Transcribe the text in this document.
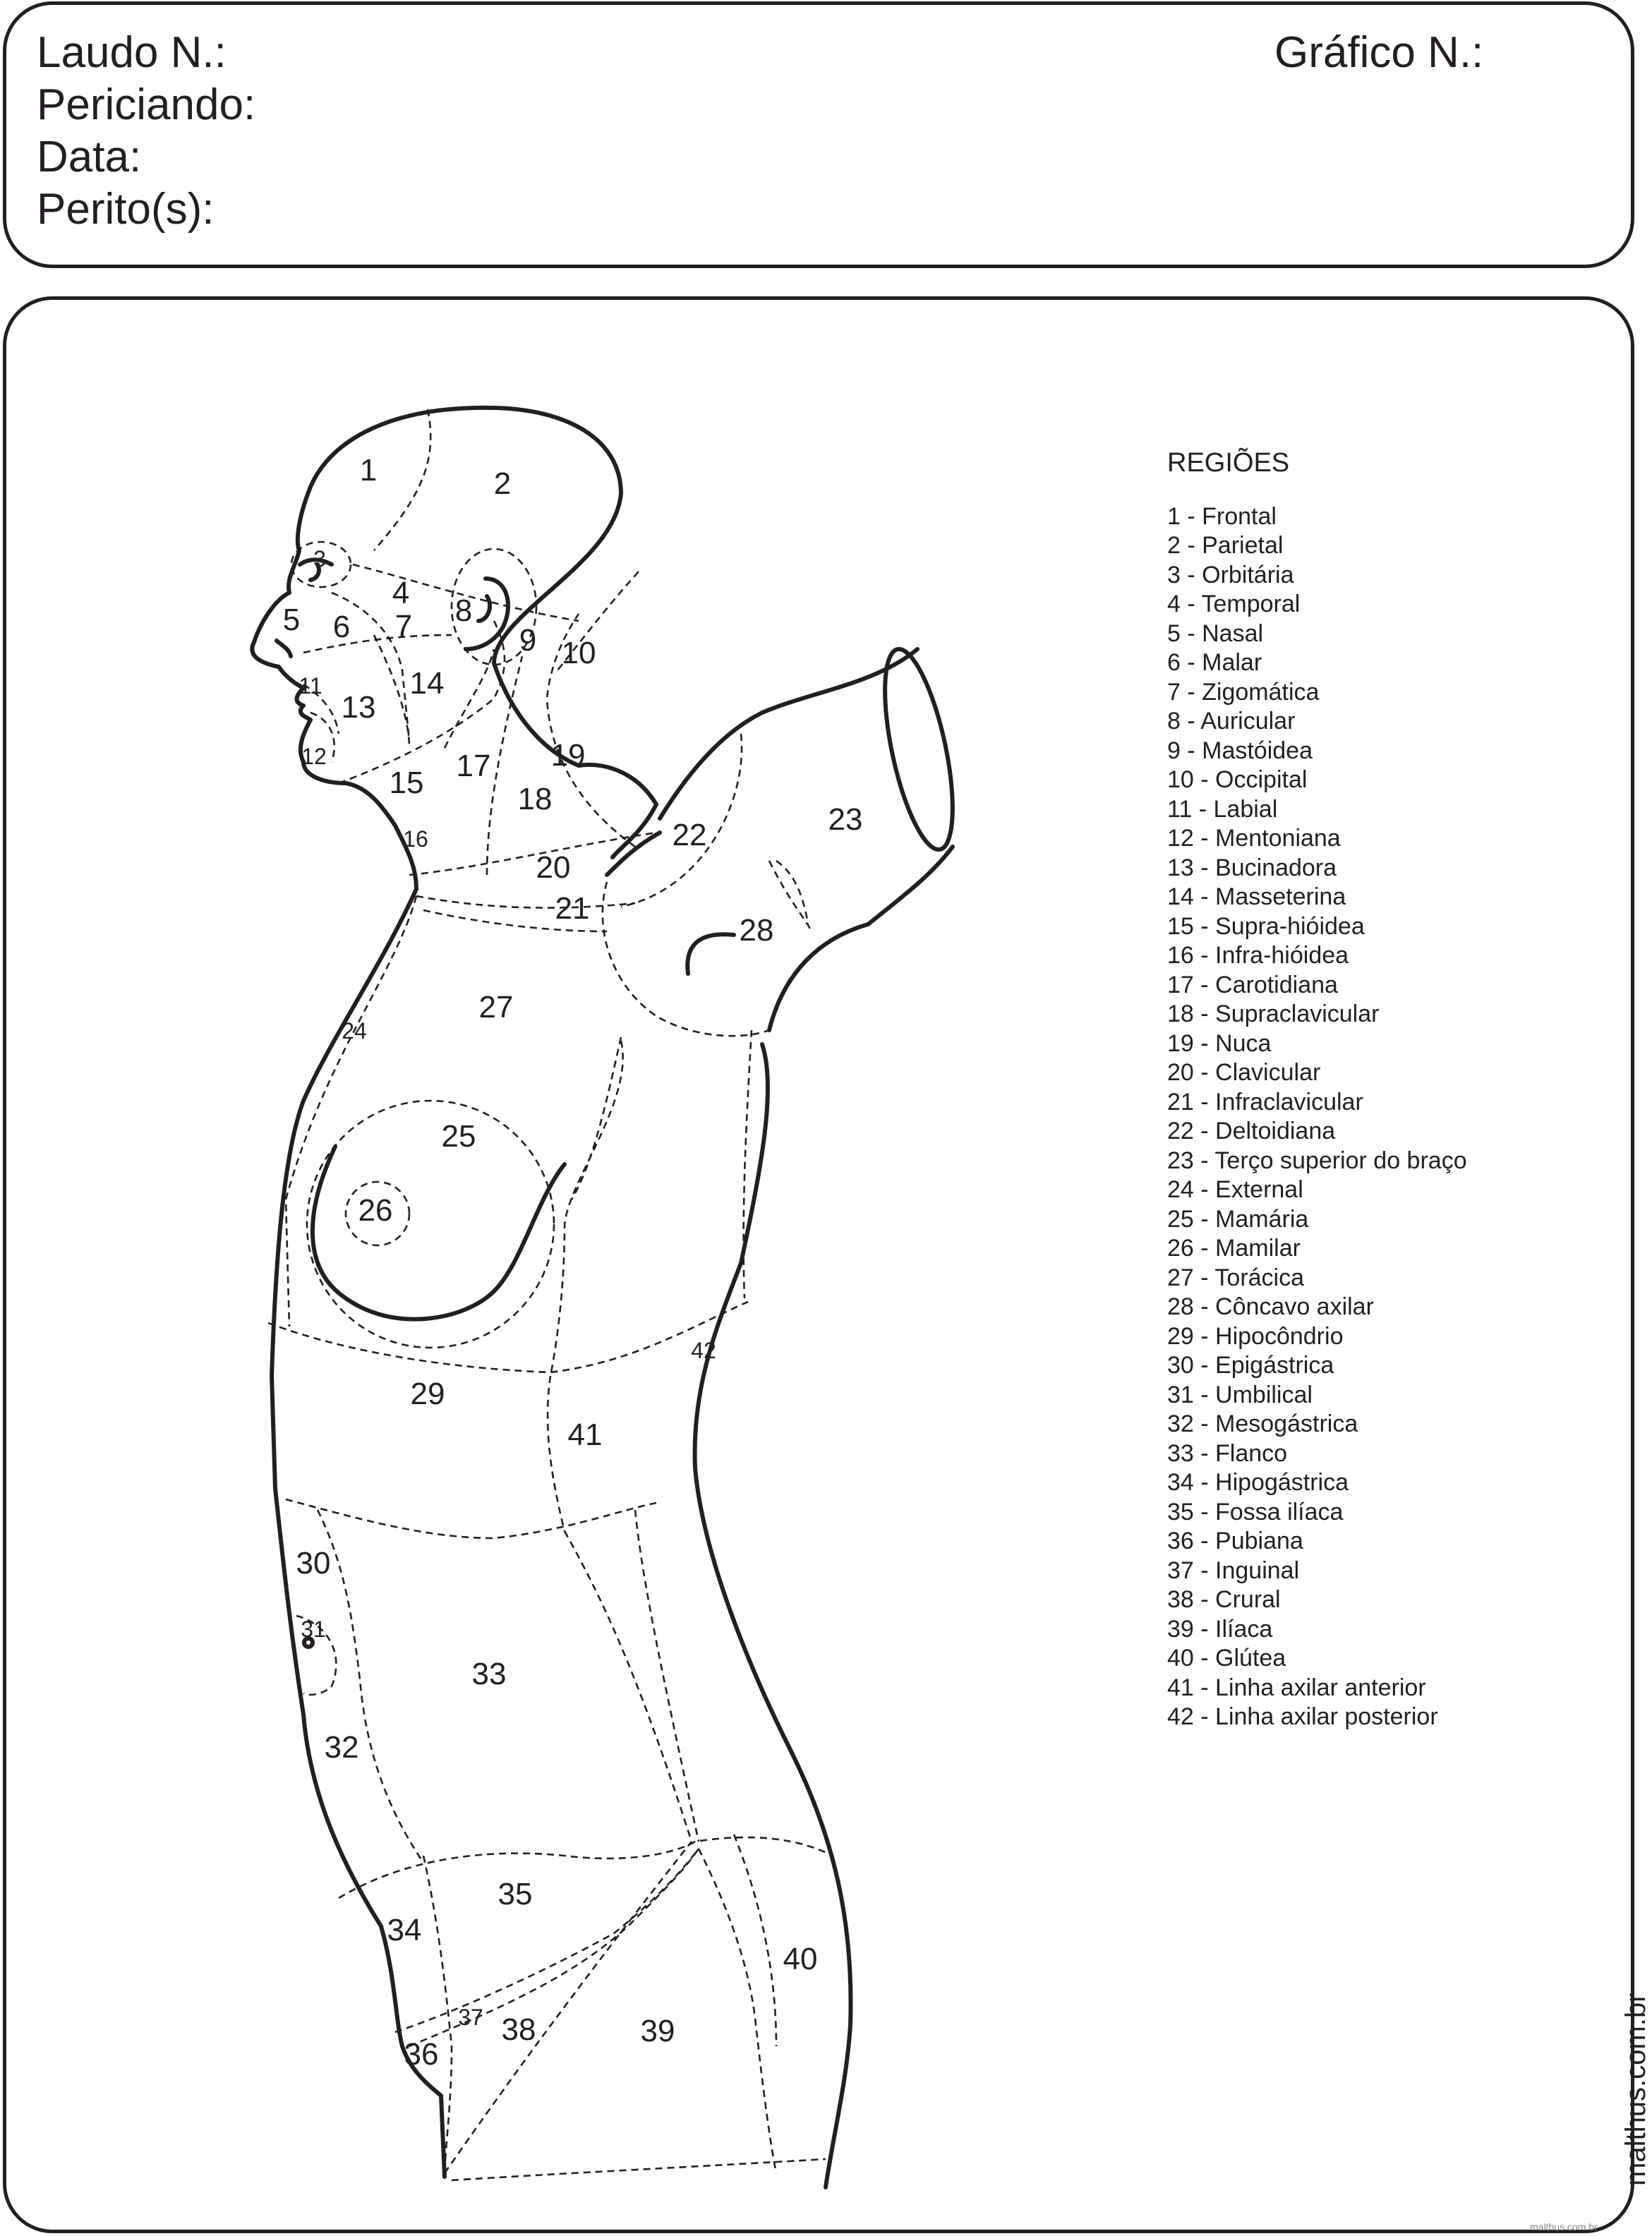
Laudo N.:
Periciando:
Data:
Perito(s):
Gráfico N.:
1	2
3
4
5 6 7 8
9 10
11
13
14
12
15 17 19
18
16	22	23
20
21
28
27
24
25
26
42
29
41
30
31
33
32
35
34
40
37 38	39
36
REGIÕES
1 - Frontal
2 - Parietal
3 - Orbitária
4 - Temporal
5 - Nasal
6 - Malar
7 - Zigomática
8 - Auricular
9 - Mastóidea
10 - Occipital
11 - Labial
12 - Mentoniana
13 - Bucinadora
14 - Masseterina
15 - Supra-hióidea
16 - Infra-hióidea
17 - Carotidiana
18 - Supraclavicular
19 - Nuca
20 - Clavicular
21 - Infraclavicular
22 - Deltoidiana
23 - Terço superior do braço
24 - External
25 - Mamária
26 - Mamilar
27 - Torácica
28 - Côncavo axilar
29 - Hipocôndrio
30 - Epigástrica
31 - Umbilical
32 - Mesogástrica
33 - Flanco
34 - Hipogástrica
35 - Fossa ilíaca
36 - Pubiana
37 - Inguinal
38 - Crural
39 - Ilíaca
40 - Glútea
41 - Linha axilar anterior
42 - Linha axilar posterior
malthus.com.br
malthus.com.br
